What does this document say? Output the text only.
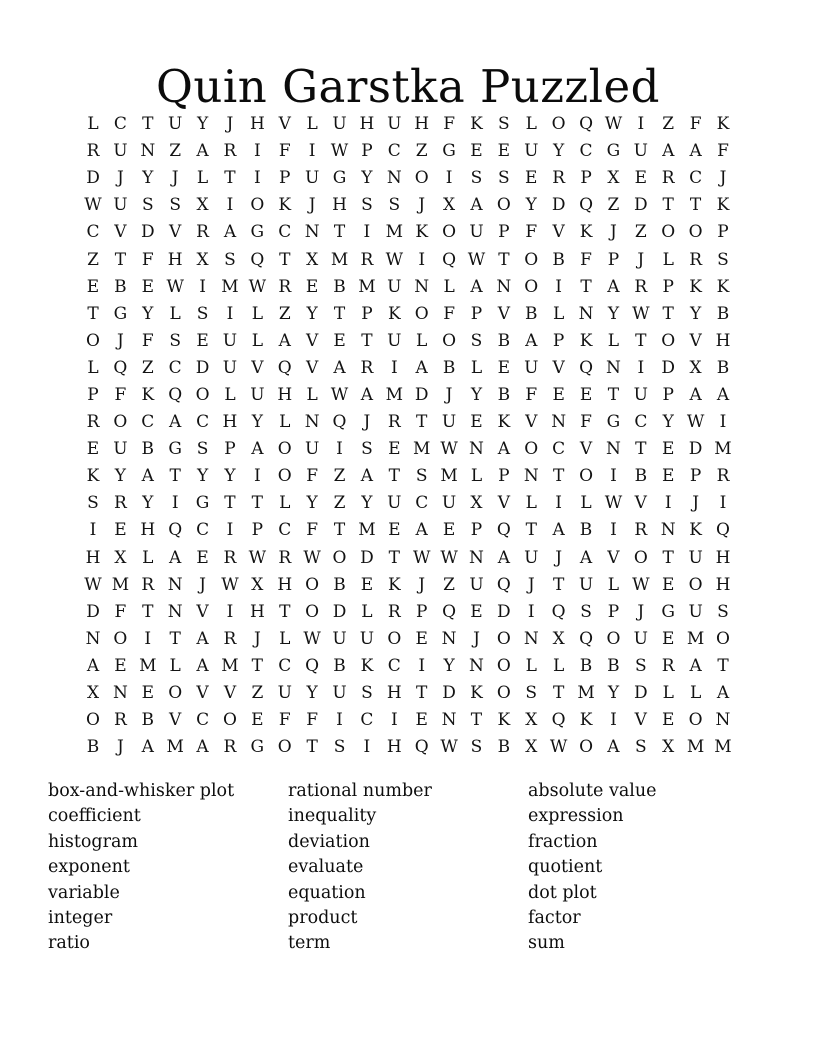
Quin Garstka Puzzled
L C T U Y	J H V L U H U H F K S L O Q W I	Z F K
R U N Z A R	I	F	I W P C Z G E E U Y C G U A A F
D	J	Y	J	L T	I	P U G Y N O	I	S S E R P X E R C	J
W U S S X	I	O K	J H S S	J	X A O Y D Q Z D T T K
C V D V R A G C N T	I M K O U P F V K	J	Z O O P
Z T F H X S Q T X M R W I	Q W T O B F P	J	L R S
E B E W I M W R E B M U N L A N O	I	T A R P K K
T G Y L S	I	L Z Y T P K O F P V B L N Y W T Y B
O	J	F S E U L A V E T U L O S B A P K L T O V H
L Q Z C D U V Q V A R	I	A B L E U V Q N I	D X B
P F K Q O L U H L W A M D	J	Y B F E E T U P A A
R O C A C H Y L N Q	J	R T U E K V N F G C Y W I
E U B G S P A O U I	S E M W N A O C V N T E D M
K Y A T Y Y	I	O F Z A T S M L P N T O	I	B E P R
S R Y	I	G T T L Y Z Y U C U X V L	I	L W V	I	J	I
I	E H Q C	I	P C F T M E A E P Q T A B	I	R N K Q
H X L A E R W R W O D T W W N A U J	A V O T U H
W M R N J W X H O B E K	J	Z U Q	J	T U L W E O H
D F T N V	I H T O D L R P Q E D	I	Q S P	J	G U S
N O	I	T A R	J	L W U U O E N J	O N X Q O U E M O
A E M L A M T C Q B K C	I	Y N O L L B B S R A T
X N E O V V Z U Y U S H T D K O S T M Y D L L A
O R B V C O E F F	I	C	I	E N T K X Q K	I	V E O N
B	J	A M A R G O T S	I H Q W S B X W O A S X M M
box-and-whisker plot
coefficient
histogram
exponent
variable
integer
ratio
rational number
inequality
deviation
evaluate
equation
product
term
absolute value
expression
fraction
quotient
dot plot
factor
sum
